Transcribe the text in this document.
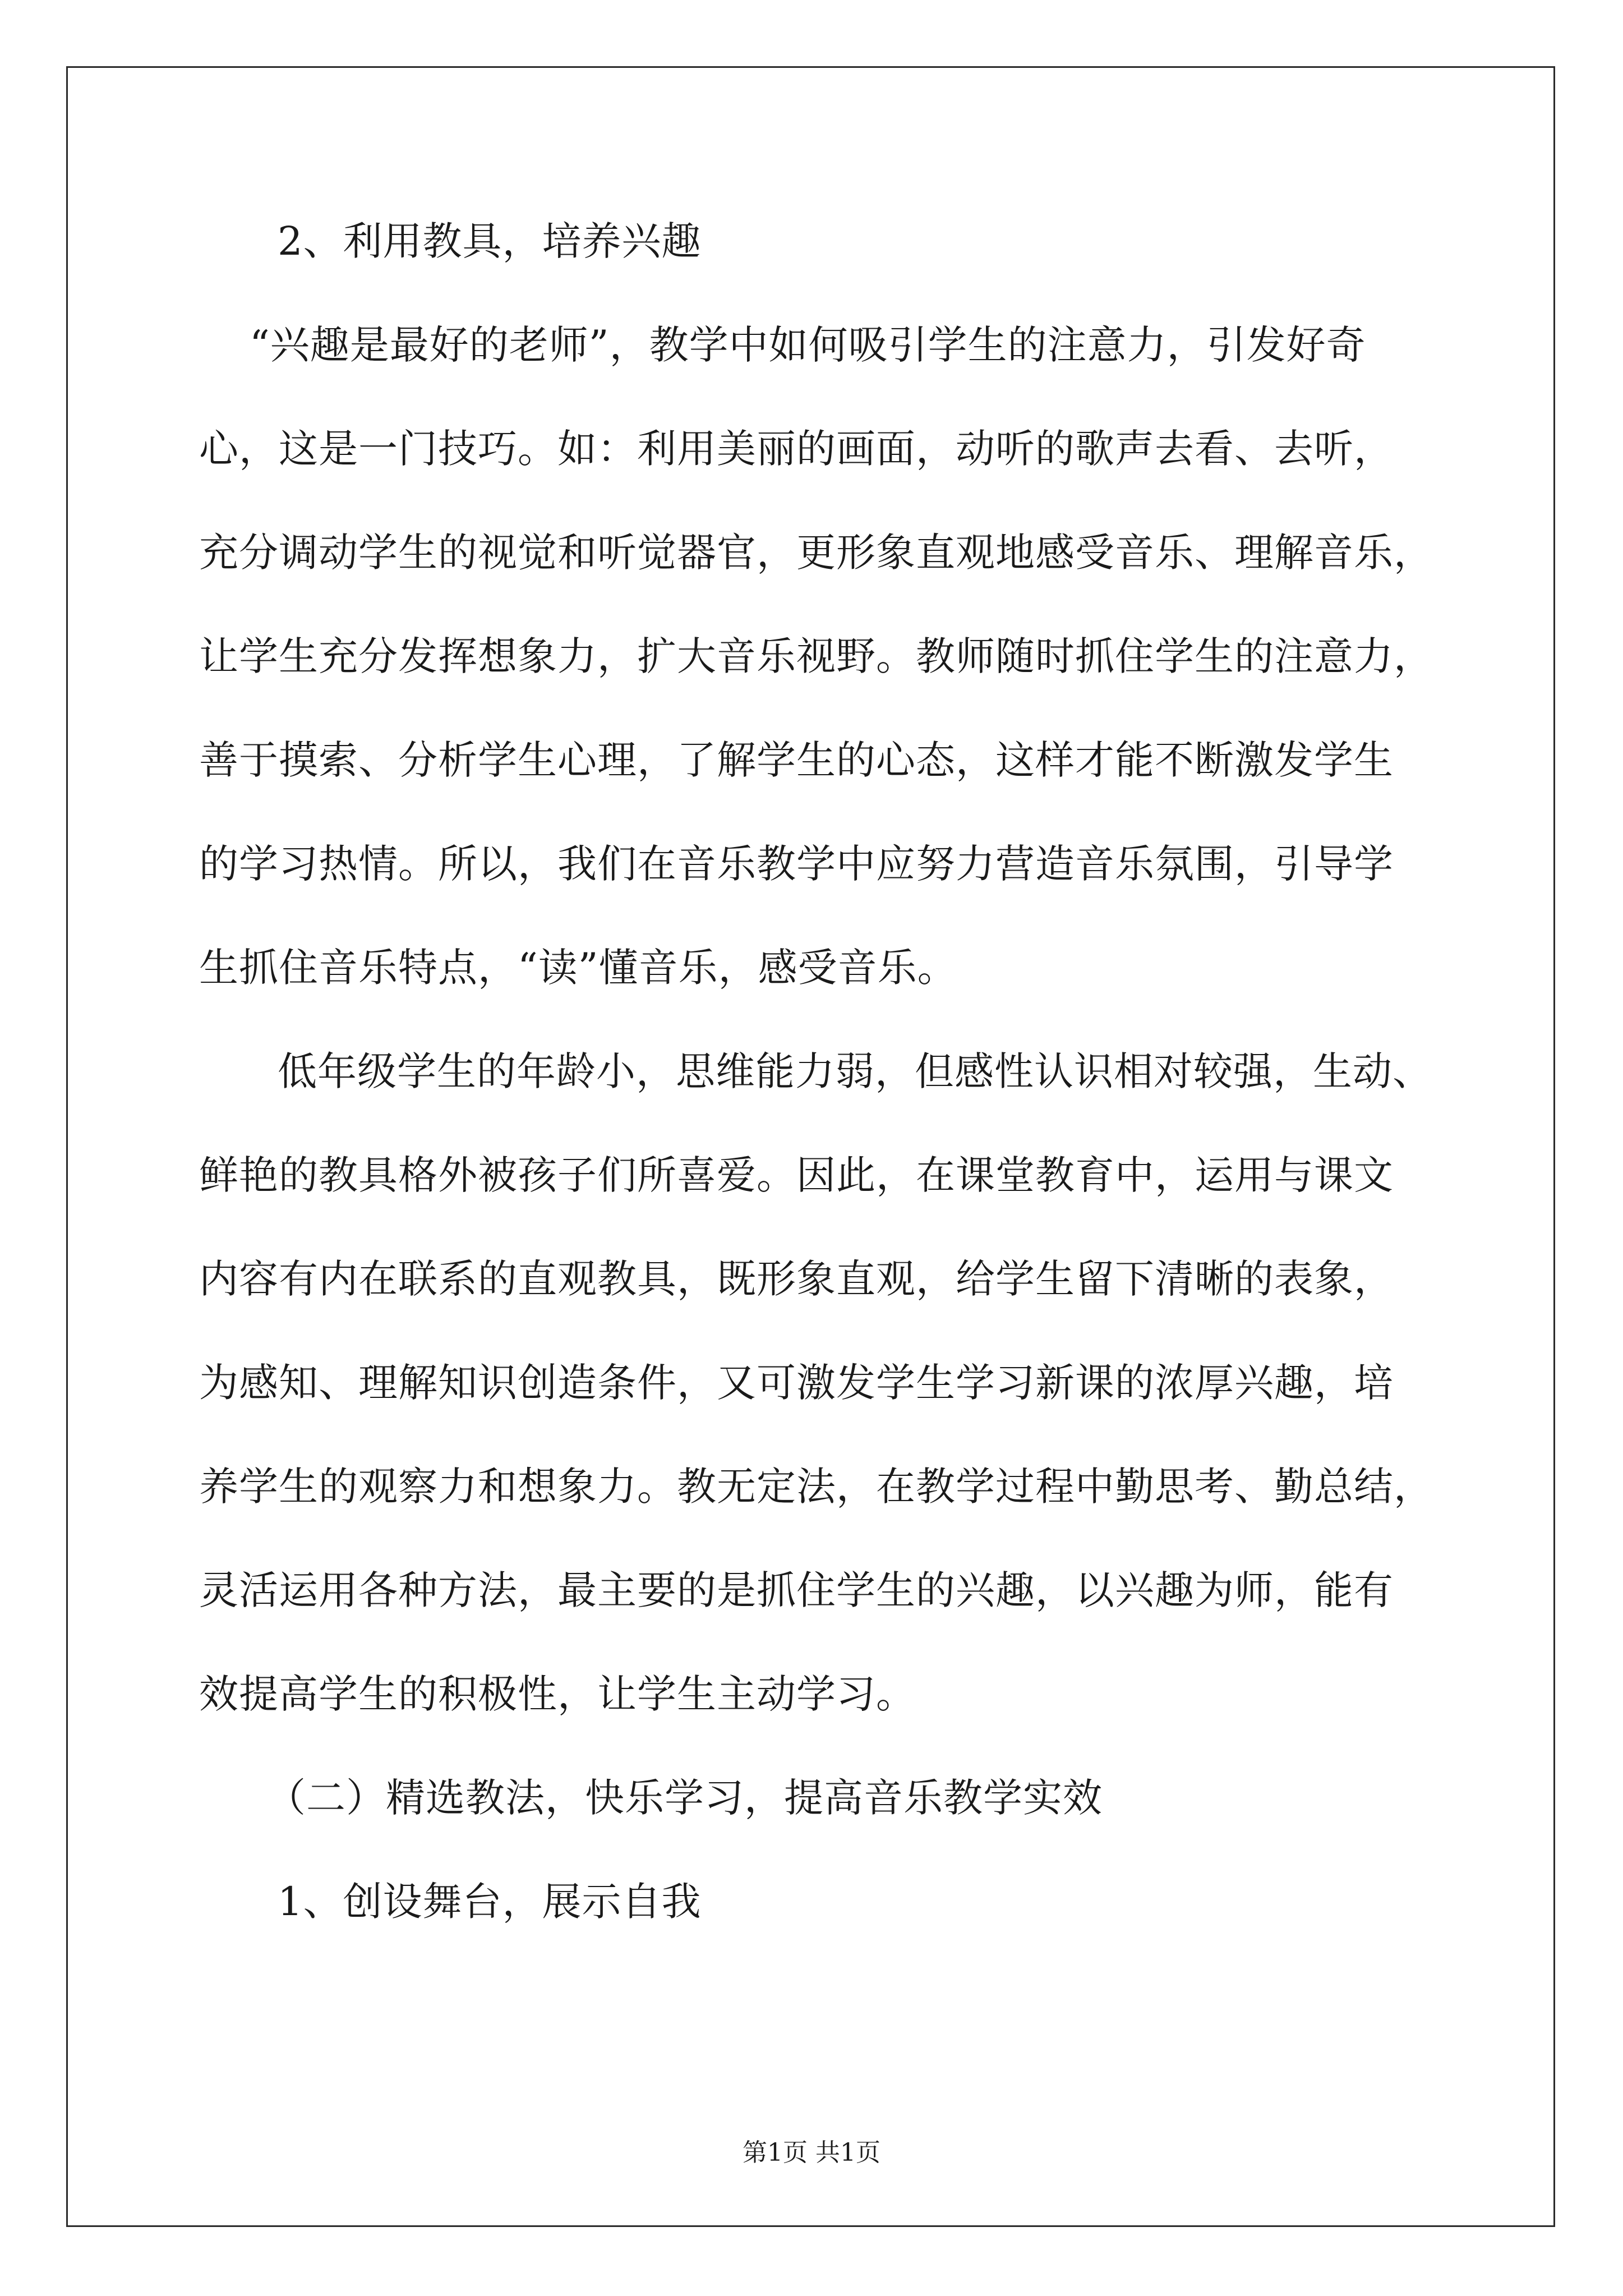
2、利用教具，培养兴趣
“兴趣是最好的老师”，教学中如何吸引学生的注意力，引发好奇
心，这是一门技巧。如：利用美丽的画面，动听的歌声去看、去听，
充分调动学生的视觉和听觉器官，更形象直观地感受音乐、理解音乐，
让学生充分发挥想象力，扩大音乐视野。教师随时抓住学生的注意力，
善于摸索、分析学生心理，了解学生的心态，这样才能不断激发学生
的学习热情。所以，我们在音乐教学中应努力营造音乐氛围，引导学
生抓住音乐特点，“读”懂音乐，感受音乐。
低年级学生的年龄小，思维能力弱，但感性认识相对较强，生动、
鲜艳的教具格外被孩子们所喜爱。因此，在课堂教育中，运用与课文
内容有内在联系的直观教具，既形象直观，给学生留下清晰的表象，
为感知、理解知识创造条件，又可激发学生学习新课的浓厚兴趣，培
养学生的观察力和想象力。教无定法，在教学过程中勤思考、勤总结，
灵活运用各种方法，最主要的是抓住学生的兴趣，以兴趣为师，能有
效提高学生的积极性，让学生主动学习。
（二）精选教法，快乐学习，提高音乐教学实效
1、创设舞台，展示自我
第1页 共1页
